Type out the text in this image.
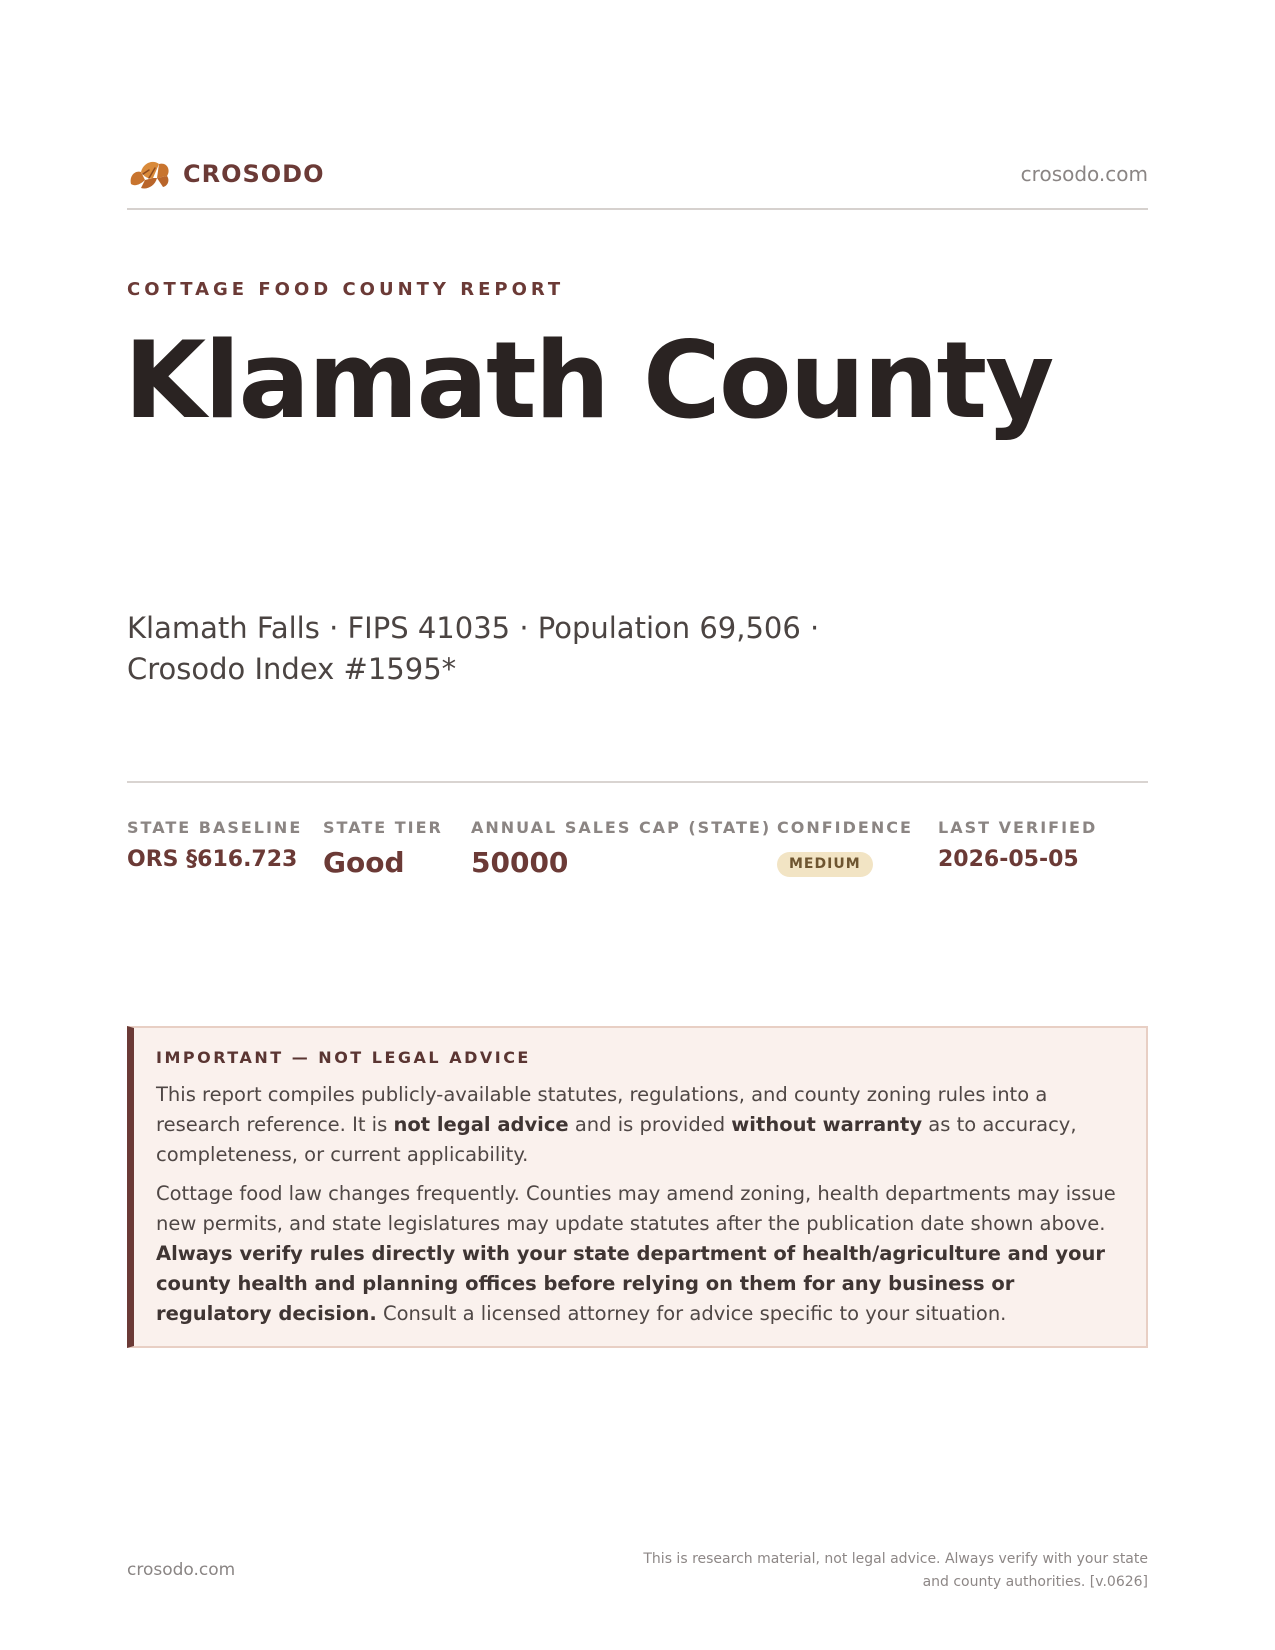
CROSODO	crosodo.com
COTTAGE FOOD COUNTY REPORT
Klamath County
Klamath Falls · FIPS 41035 · Population 69,506 · Crosodo Index #1595*
STATE BASELINE
ORS §616.723
STATE TIER
Good
ANNUAL SALES CAP (STATE)
50000
CONFIDENCE
MEDIUM
LAST VERIFIED
2026-05-05
IMPORTANT — NOT LEGAL ADVICE

This report compiles publicly-available statutes, regulations, and county zoning rules into a research reference. It is not legal advice and is provided without warranty as to accuracy, completeness, or current applicability.

Cottage food law changes frequently. Counties may amend zoning, health departments may issue new permits, and state legislatures may update statutes after the publication date shown above. Always verify rules directly with your state department of health/agriculture and your county health and planning offices before relying on them for any business or regulatory decision. Consult a licensed attorney for advice specific to your situation.

crosodo.com
This is research material, not legal advice. Always verify with your state
and county authorities. [v.0626]
